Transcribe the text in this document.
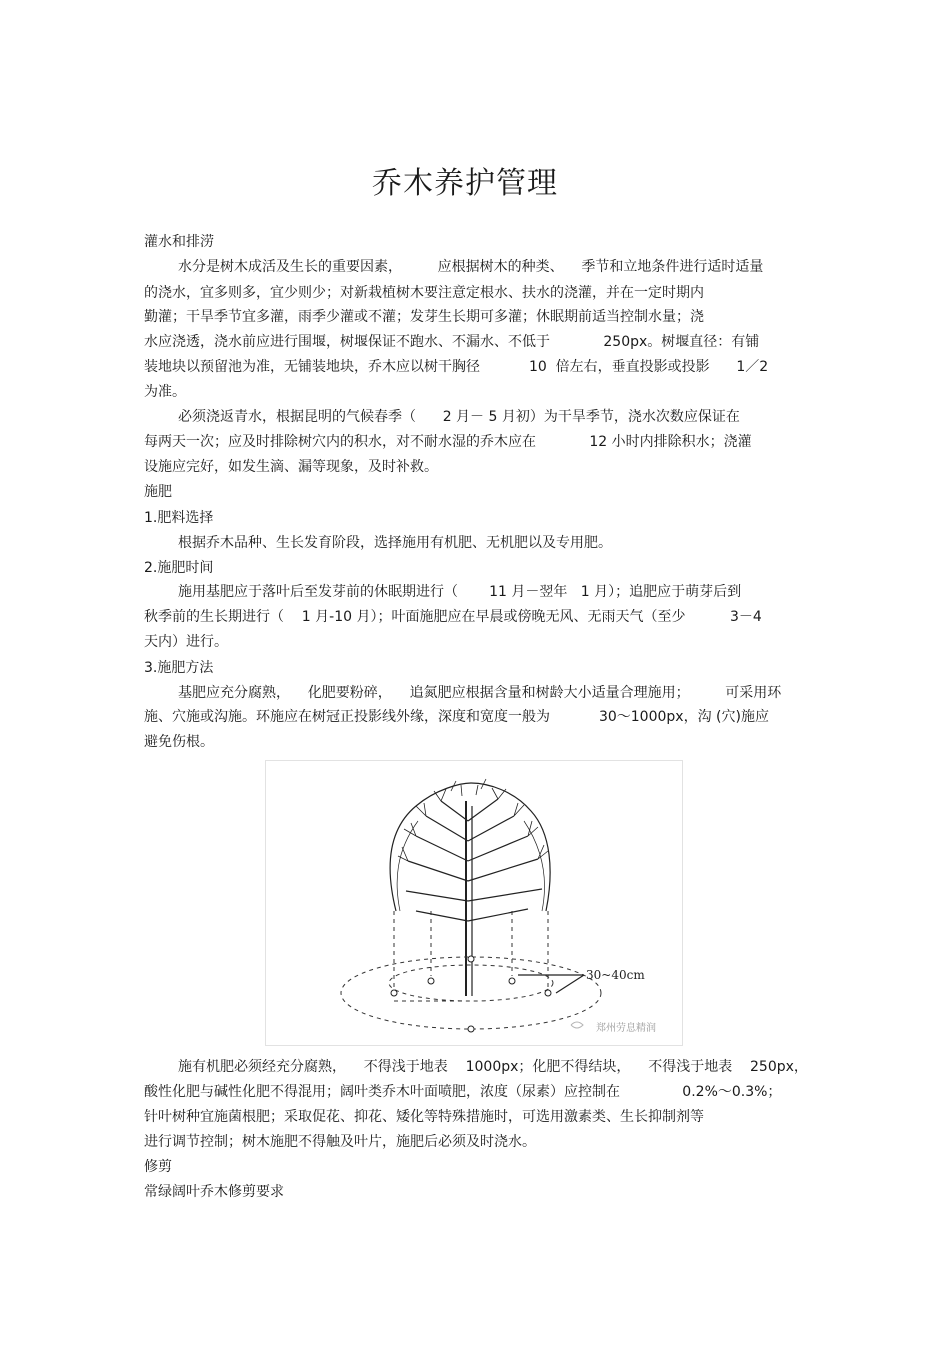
乔木养护管理
灌水和排涝
水分是树木成活及生长的重要因素，        应根据树木的种类、    季节和立地条件进行适时适量
的浇水，宜多则多，宜少则少；对新栽植树木要注意定根水、扶水的浇灌，并在一定时期内
勤灌；干旱季节宜多灌，雨季少灌或不灌；发芽生长期可多灌；休眠期前适当控制水量；浇
水应浇透，浇水前应进行围堰，树堰保证不跑水、不漏水、不低于            250px。树堰直径：有铺
装地块以预留池为准，无铺装地块，乔木应以树干胸径           10  倍左右，垂直投影或投影      1／2
为准。
必须浇返青水，根据昆明的气候春季（      2 月－ 5 月初）为干旱季节，浇水次数应保证在
每两天一次；应及时排除树穴内的积水，对不耐水湿的乔木应在            12 小时内排除积水；浇灌
设施应完好，如发生滴、漏等现象，及时补救。
施肥
1.肥料选择
根据乔木品种、生长发育阶段，选择施用有机肥、无机肥以及专用肥。
2.施肥时间
施用基肥应于落叶后至发芽前的休眠期进行（       11 月－翌年   1 月）；追肥应于萌芽后到
秋季前的生长期进行（    1 月-10 月）；叶面施肥应在早晨或傍晚无风、无雨天气（至少          3－4
天内）进行。
3.施肥方法
基肥应充分腐熟，    化肥要粉碎，    追氮肥应根据含量和树龄大小适量合理施用；        可采用环
施、穴施或沟施。环施应在树冠正投影线外缘，深度和宽度一般为           30～1000px，沟 (穴)施应
避免伤根。
30~40cm
郑州劳息精润
施有机肥必须经充分腐熟，    不得浅于地表    1000px；化肥不得结块，    不得浅于地表    250px，
酸性化肥与碱性化肥不得混用；阔叶类乔木叶面喷肥，浓度（尿素）应控制在              0.2%～0.3%；
针叶树种宜施菌根肥；采取促花、抑花、矮化等特殊措施时，可选用激素类、生长抑制剂等
进行调节控制；树木施肥不得触及叶片，施肥后必须及时浇水。
修剪
常绿阔叶乔木修剪要求
